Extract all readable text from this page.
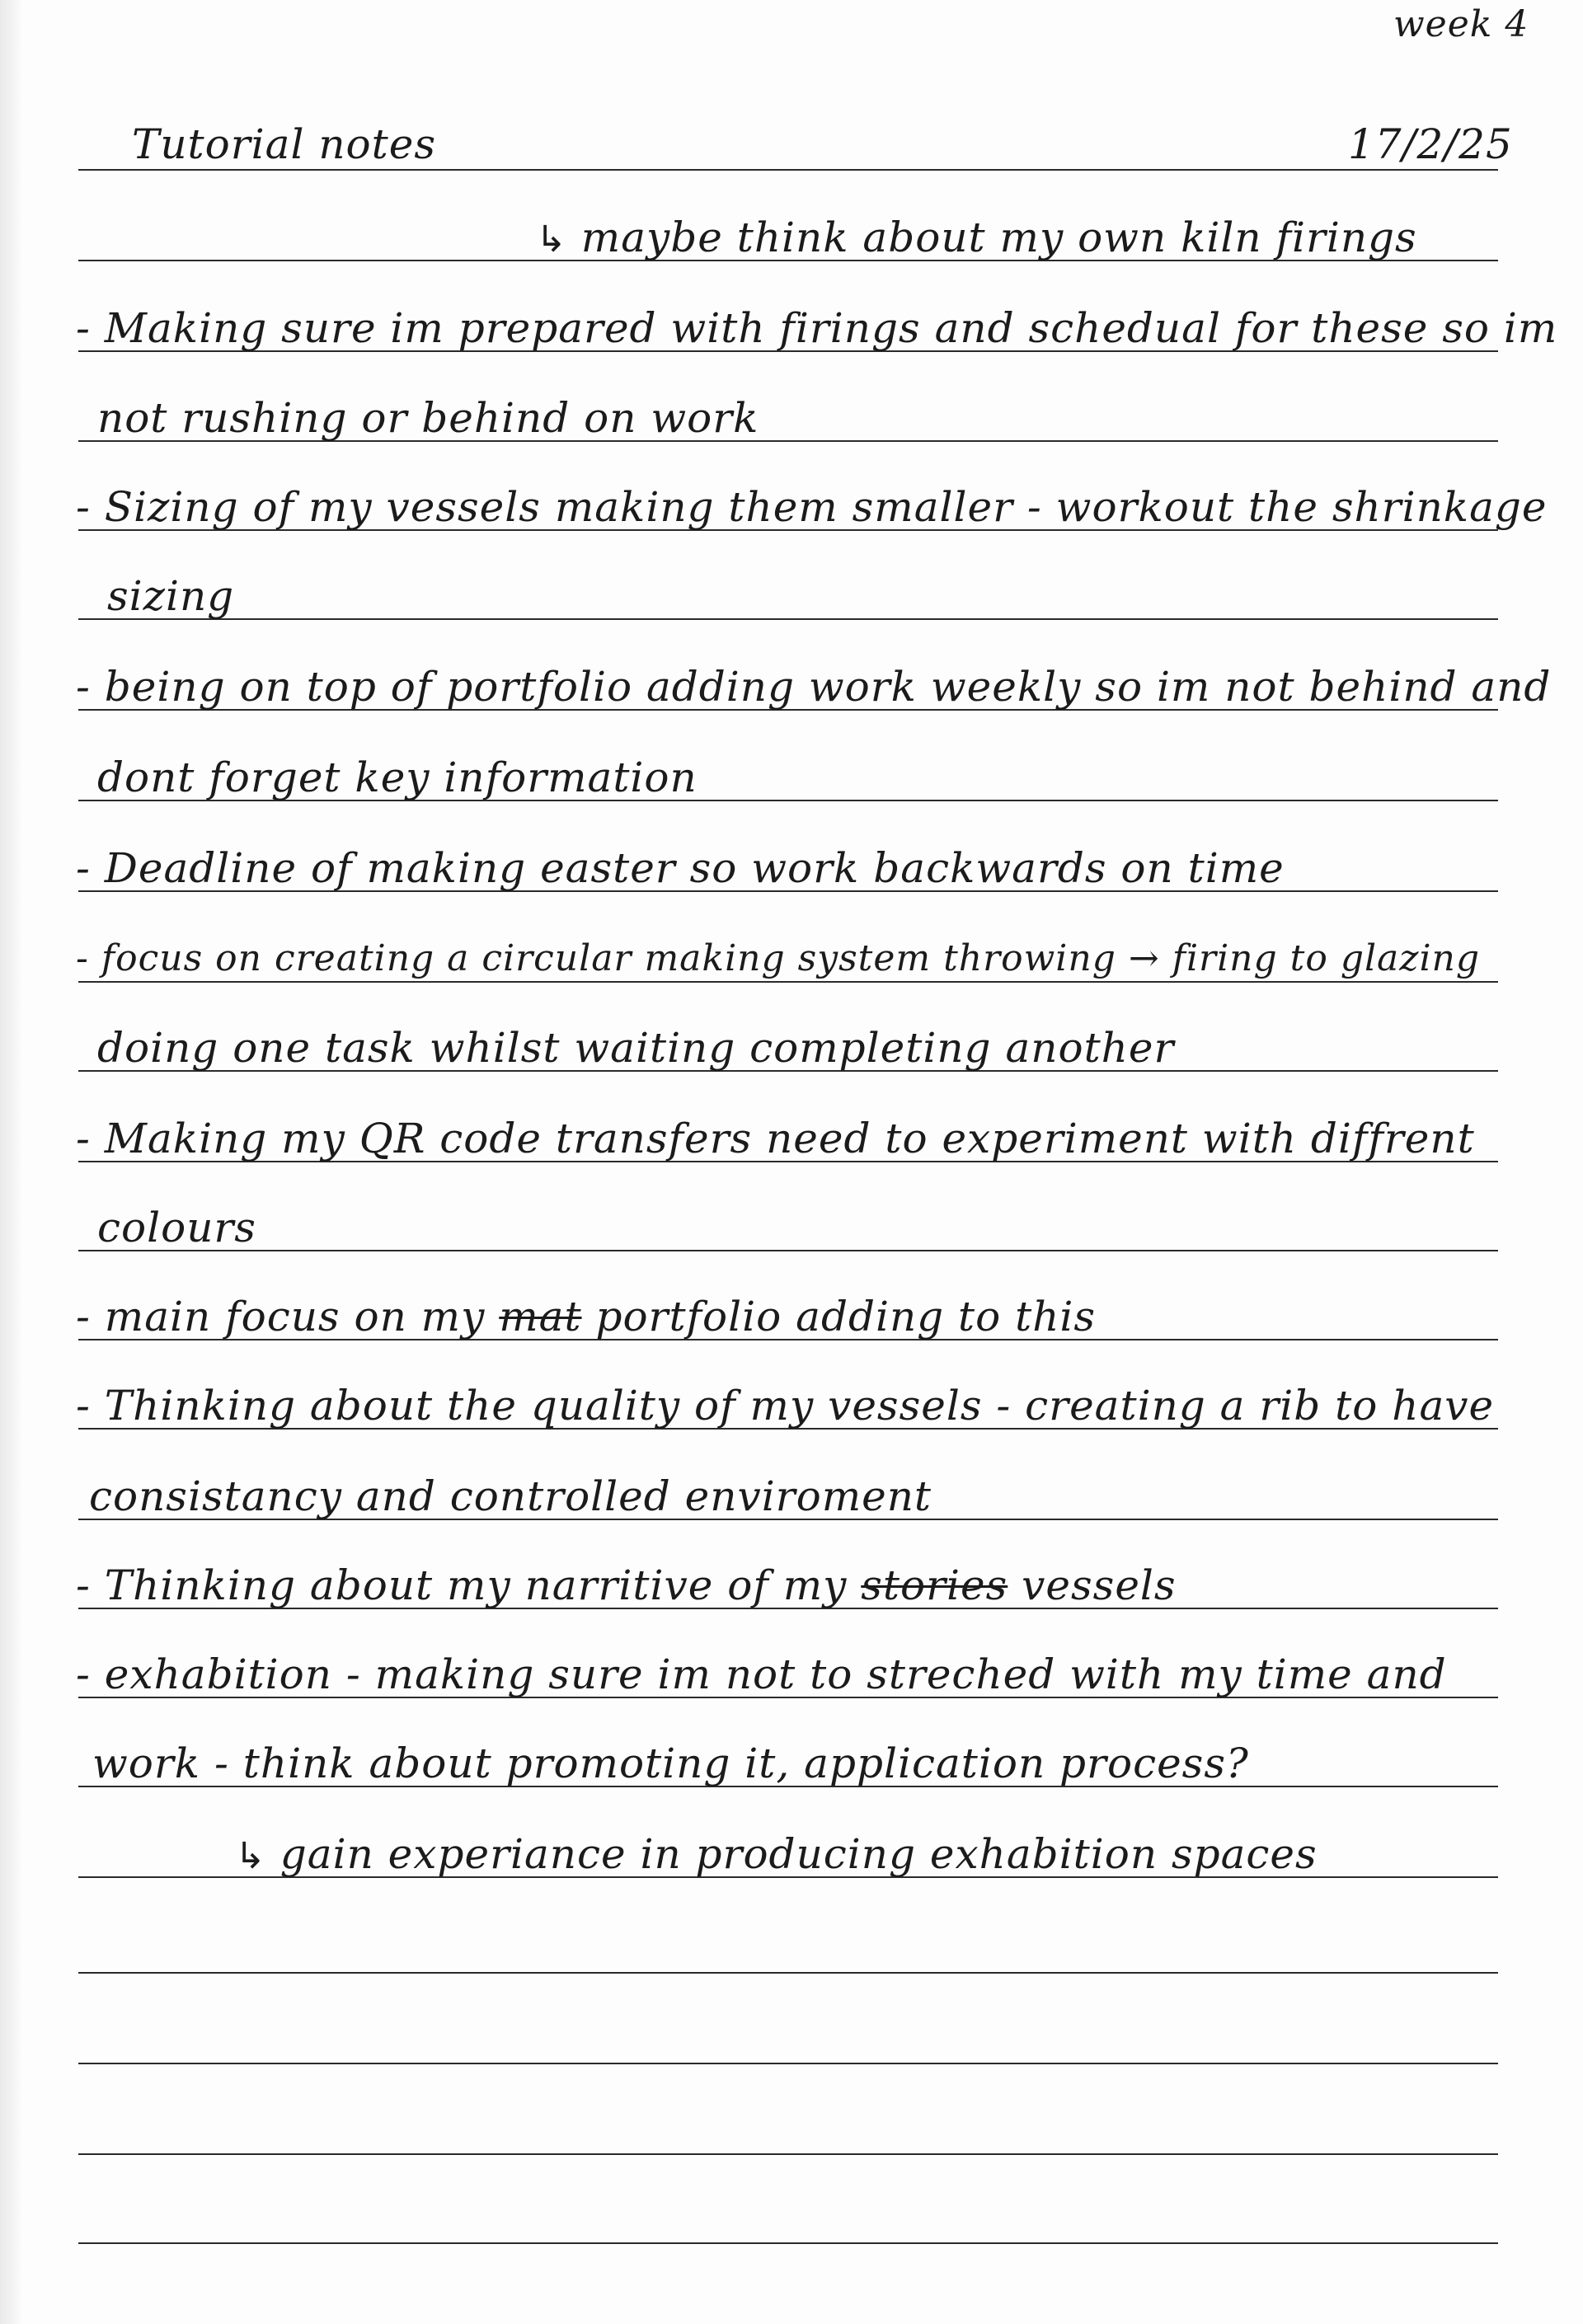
week 4
Tutorial notes	17/2/25
↳ maybe think about my own kiln firings
- Making sure im prepared with firings and schedual for these so im
not rushing or behind on work
- Sizing of my vessels making them smaller - workout the shrinkage
sizing
- being on top of portfolio adding work weekly so im not behind and
dont forget key information
- Deadline of making easter so work backwards on time
- focus on creating a circular making system throwing → firing to glazing
doing one task whilst waiting completing another
- Making my QR code transfers need to experiment with diffrent
colours
- main focus on my mat portfolio adding to this
- Thinking about the quality of my vessels - creating a rib to have
consistancy and controlled enviroment
- Thinking about my narritive of my stories vessels
- exhabition - making sure im not to streched with my time and
work - think about promoting it, application process?
↳ gain experiance in producing exhabition spaces
